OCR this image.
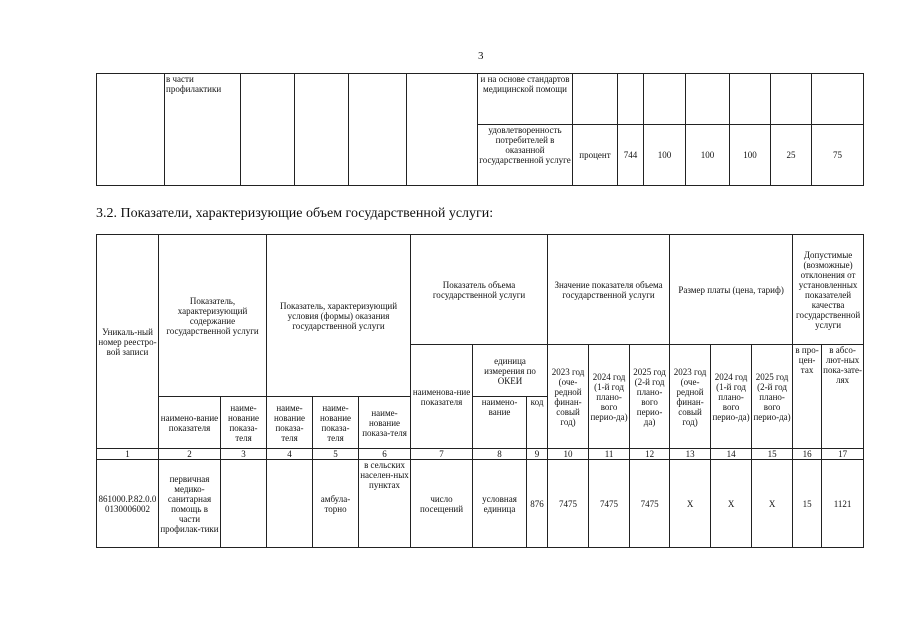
3
	в части профилактики					и на основе стандартов медицинской помощи							
						удовлетворенность потребителей в оказанной государственной услуге	процент	744	100	100	100	25	75
3.2. Показатели, характеризующие объем государственной услуги:
Уникаль-ный номер реестро-вой записи	Показатель, характеризующий содержание государственной услуги		Показатель, характеризующий условия (формы) оказания государственной услуги			Показатель объема государственной услуги			Значение показателя объема государственной услуги			Размер платы (цена, тариф)			Допустимые (возможные) отклонения от установленных показателей качества государственной услуги	
						наименова-ние показателя	единица измерения по ОКЕИ		2023 год (оче-редной финан-совый год)	2024 год (1-й год плано-вого перио-да)	2025 год (2-й год плано-вого перио-да)	2023 год (оче-редной финан-совый год)	2024 год (1-й год плано-вого перио-да)	2025 год (2-й год плано-вого перио-да)	в про-цен-тах	в абсо-лют-ных пока-зате-лях
	наимено-вание показателя	наиме-нование показа-теля	наиме-нование показа-теля	наиме-нование показа-теля	наиме-нование показа-теля		наимено-вание	код								
1	2	3	4	5	6	7	8	9	10	11	12	13	14	15	16	17
861000.Р.82.0.00130006002	первичная медико-санитарная помощь в части профилак-тики			амбула-торно	в сельских населен-ных пунктах	число посещений	условная единица	876	7475	7475	7475	Х	Х	Х	15	1121
